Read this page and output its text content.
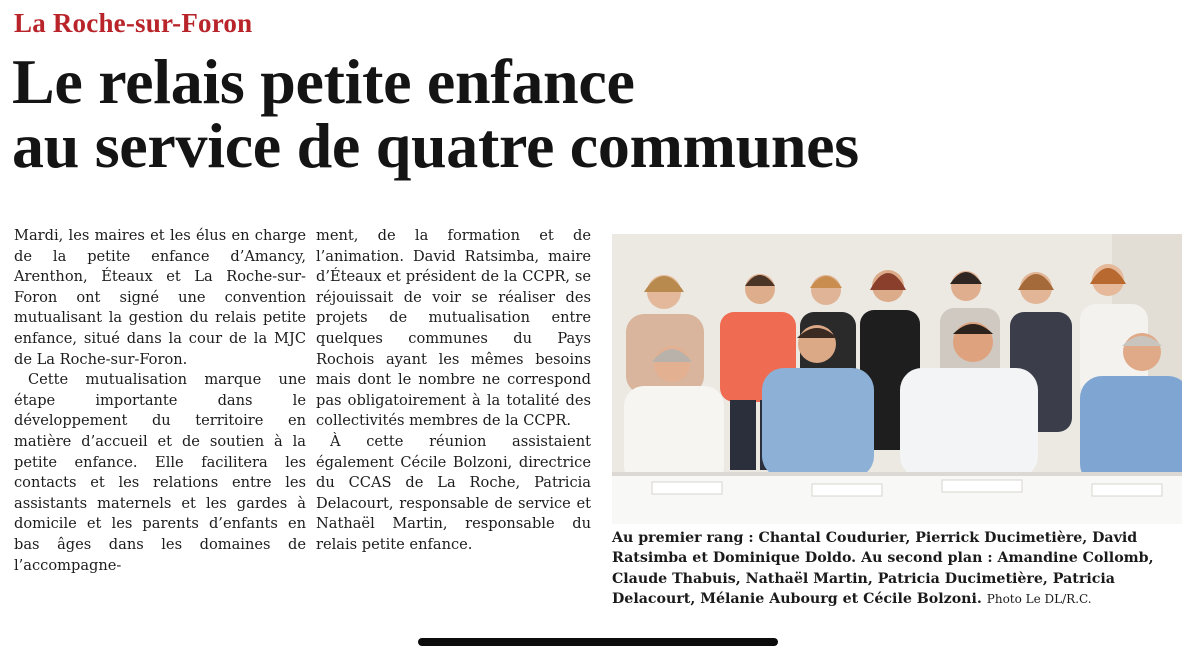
La Roche-sur-Foron
Le relais petite enfance
au service de quatre communes

Mardi, les maires et les élus en charge de la petite enfance d’Amancy, Arenthon, Éteaux et La Roche-sur-Foron ont signé une convention mutualisant la gestion du relais petite enfance, situé dans la cour de la MJC de La Roche-sur-Foron.

Cette mutualisation marque une étape importante dans le développement du territoire en matière d’accueil et de soutien à la petite enfance. Elle facilitera les contacts et les relations entre les assistants maternels et les gardes à domicile et les parents d’enfants en bas âges dans les domaines de l’accompagne-

ment, de la formation et de l’animation. David Ratsimba, maire d’Éteaux et président de la CCPR, se réjouissait de voir se réaliser des projets de mutualisation entre quelques communes du Pays Rochois ayant les mêmes besoins mais dont le nombre ne correspond pas obligatoirement à la totalité des collectivités membres de la CCPR.

À cette réunion assistaient également Cécile Bolzoni, directrice du CCAS de La Roche, Patricia Delacourt, responsable de service et Nathaël Martin, responsable du relais petite enfance.	Au premier rang : Chantal Coudurier, Pierrick Ducimetière, David Ratsimba et Dominique Doldo. Au second plan : Amandine Collomb, Claude Thabuis, Nathaël Martin, Patricia Ducimetière, Patricia Delacourt, Mélanie Aubourg et Cécile Bolzoni. Photo Le DL/R.C.
